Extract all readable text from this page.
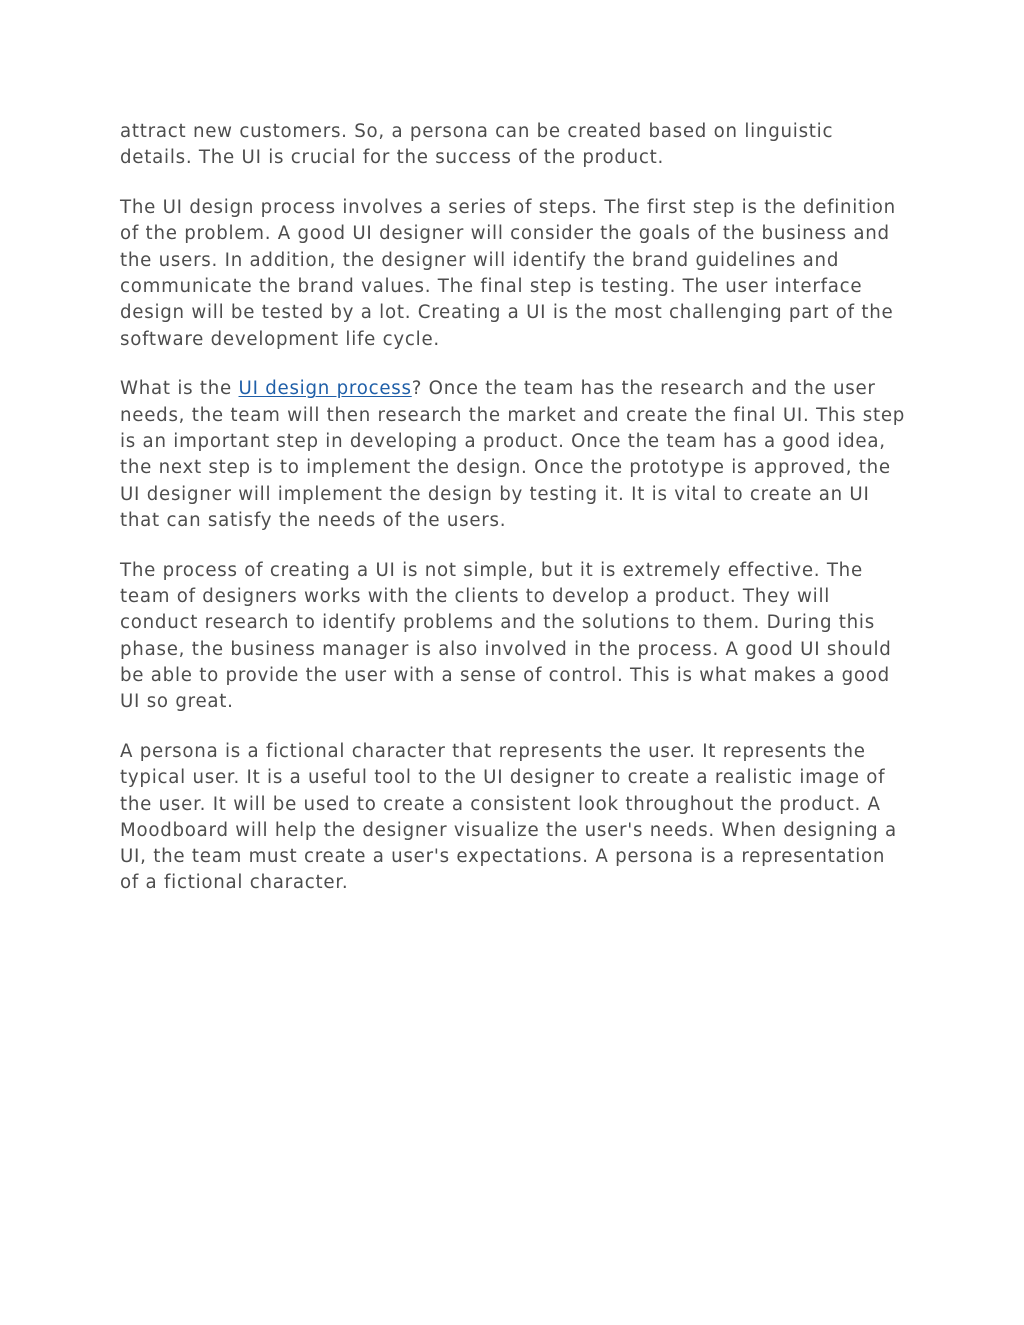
attract new customers. So, a persona can be created based on linguistic details. The UI is crucial for the success of the product.

The UI design process involves a series of steps. The first step is the definition of the problem. A good UI designer will consider the goals of the business and the users. In addition, the designer will identify the brand guidelines and communicate the brand values. The final step is testing. The user interface design will be tested by a lot. Creating a UI is the most challenging part of the software development life cycle.

What is the UI design process? Once the team has the research and the user needs, the team will then research the market and create the final UI. This step is an important step in developing a product. Once the team has a good idea, the next step is to implement the design. Once the prototype is approved, the UI designer will implement the design by testing it. It is vital to create an UI that can satisfy the needs of the users.

The process of creating a UI is not simple, but it is extremely effective. The team of designers works with the clients to develop a product. They will conduct research to identify problems and the solutions to them. During this phase, the business manager is also involved in the process. A good UI should be able to provide the user with a sense of control. This is what makes a good UI so great.

A persona is a fictional character that represents the user. It represents the typical user. It is a useful tool to the UI designer to create a realistic image of the user. It will be used to create a consistent look throughout the product. A Moodboard will help the designer visualize the user's needs. When designing a UI, the team must create a user's expectations. A persona is a representation of a fictional character.
